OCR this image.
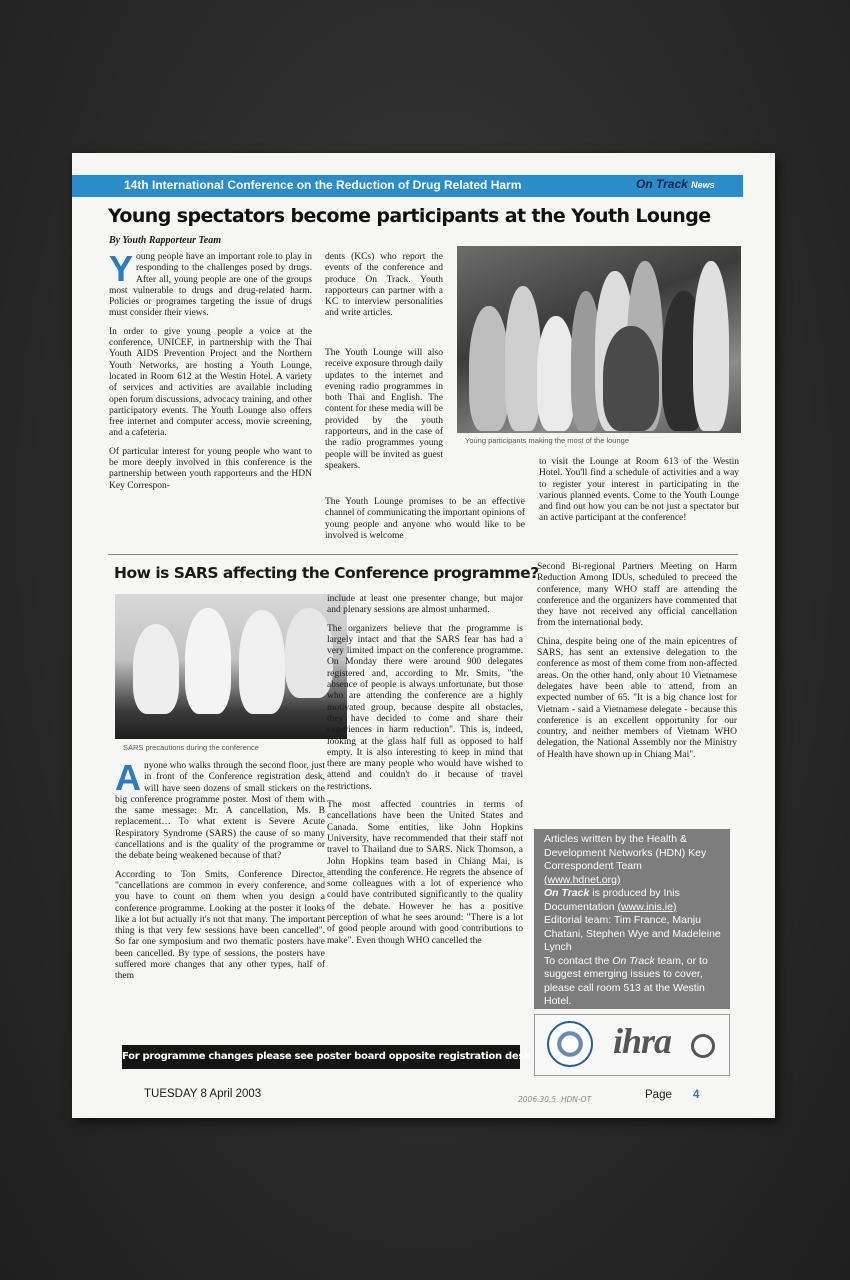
14th International Conference on the Reduction of Drug Related Harm	On Track News
Young spectators become participants at the Youth Lounge
By Youth Rapporteur Team

Young people have an important role to play in responding to the challenges posed by drugs. After all, young people are one of the groups most vulnerable to drugs and drug-related harm. Policies or programes targeting the issue of drugs must consider their views.

In order to give young people a voice at the conference, UNICEF, in partnership with the Thai Youth AIDS Prevention Project and the Northern Youth Networks, are hosting a Youth Lounge, located in Room 612 at the Westin Hotel. A variety of services and activities are available including open forum discussions, advocacy training, and other participatory events. The Youth Lounge also offers free internet and computer access, movie screening, and a cafeteria.

Of particular interest for young people who want to be more deeply involved in this conference is the partnership between youth rapporteurs and the HDN Key Correspon-

dents (KCs) who report the events of the conference and produce On Track. Youth rapporteurs can partner with a KC to interview personalities and write articles.

The Youth Lounge will also receive exposure through daily updates to the internet and evening radio programmes in both Thai and English. The content for these media will be provided by the youth rapporteurs, and in the case of the radio programmes young people will be invited as guest speakers.

The Youth Lounge promises to be an effective channel of communicating the important opinions of young people and anyone who would like to be involved is welcome

Young participants making the most of the lounge

to visit the Lounge at Room 613 of the Westin Hotel. You'll find a schedule of activities and a way to register your interest in participating in the various planned events. Come to the Youth Lounge and find out how you can be not just a spectator but an active participant at the conference!

How is SARS affecting the Conference programme?
SARS precautions during the conference

Anyone who walks through the second floor, just in front of the Conference registration desk, will have seen dozens of small stickers on the big conference programme poster. Most of them with the same message: Mr. A cancellation, Ms. B replacement… To what extent is Severe Acute Respiratory Syndrome (SARS) the cause of so many cancellations and is the quality of the programme or the debate being weakened because of that?

According to Ton Smits, Conference Director, "cancellations are common in every conference, and you have to count on them when you design a conference programme. Looking at the poster it looks like a lot but actually it's not that many. The important thing is that very few sessions have been cancelled". So far one symposium and two thematic posters have been cancelled. By type of sessions, the posters have suffered more changes that any other types, half of them

include at least one presenter change, but major and plenary sessions are almost unharmed.

The organizers believe that the programme is largely intact and that the SARS fear has had a very limited impact on the conference programme. On Monday there were around 900 delegates registered and, according to Mr. Smits, "the absence of people is always unfortunate, but those who are attending the conference are a highly motivated group, because despite all obstacles, they have decided to come and share their experiences in harm reduction". This is, indeed, looking at the glass half full as opposed to half empty. It is also interesting to keep in mind that there are many people who would have wished to attend and couldn't do it because of travel restrictions.

The most affected countries in terms of cancellations have been the United States and Canada. Some entities, like John Hopkins University, have recommended that their staff not travel to Thailand due to SARS. Nick Thomson, a John Hopkins team based in Chiang Mai, is attending the conference. He regrets the absence of some colleagues with a lot of experience who could have contributed significantly to the quality of the debate. However he has a positive perception of what he sees around: "There is a lot of good people around with good contributions to make". Even though WHO cancelled the

Second Bi-regional Partners Meeting on Harm Reduction Among IDUs, scheduled to preceed the conference, many WHO staff are attending the conference and the organizers have commented that they have not received any official cancellation from the international body.

China, despite being one of the main epicentres of SARS, has sent an extensive delegation to the conference as most of them come from non-affected areas. On the other hand, only about 10 Vietnamese delegates have been able to attend, from an expected number of 65. "It is a big chance lost for Vietnam - said a Vietnamese delegate - because this conference is an excellent opportunity for our country, and neither members of Vietnam WHO delegation, the National Assembly nor the Ministry of Health have shown up in Chiang Mai".

Articles written by the Health & Development Networks (HDN) Key Correspondent Team
(www.hdnet.org)
On Track is produced by Inis Documentation (www.inis.ie)
Editorial team: Tim France, Manju Chatani, Stephen Wye and Madeleine Lynch
To contact the On Track team, or to suggest emerging issues to cover, please call room 513 at the Westin Hotel.
ihra
For programme changes please see poster board opposite registration desk
TUESDAY 8 April 2003	2006.30.5. HDN-OT	Page 4
